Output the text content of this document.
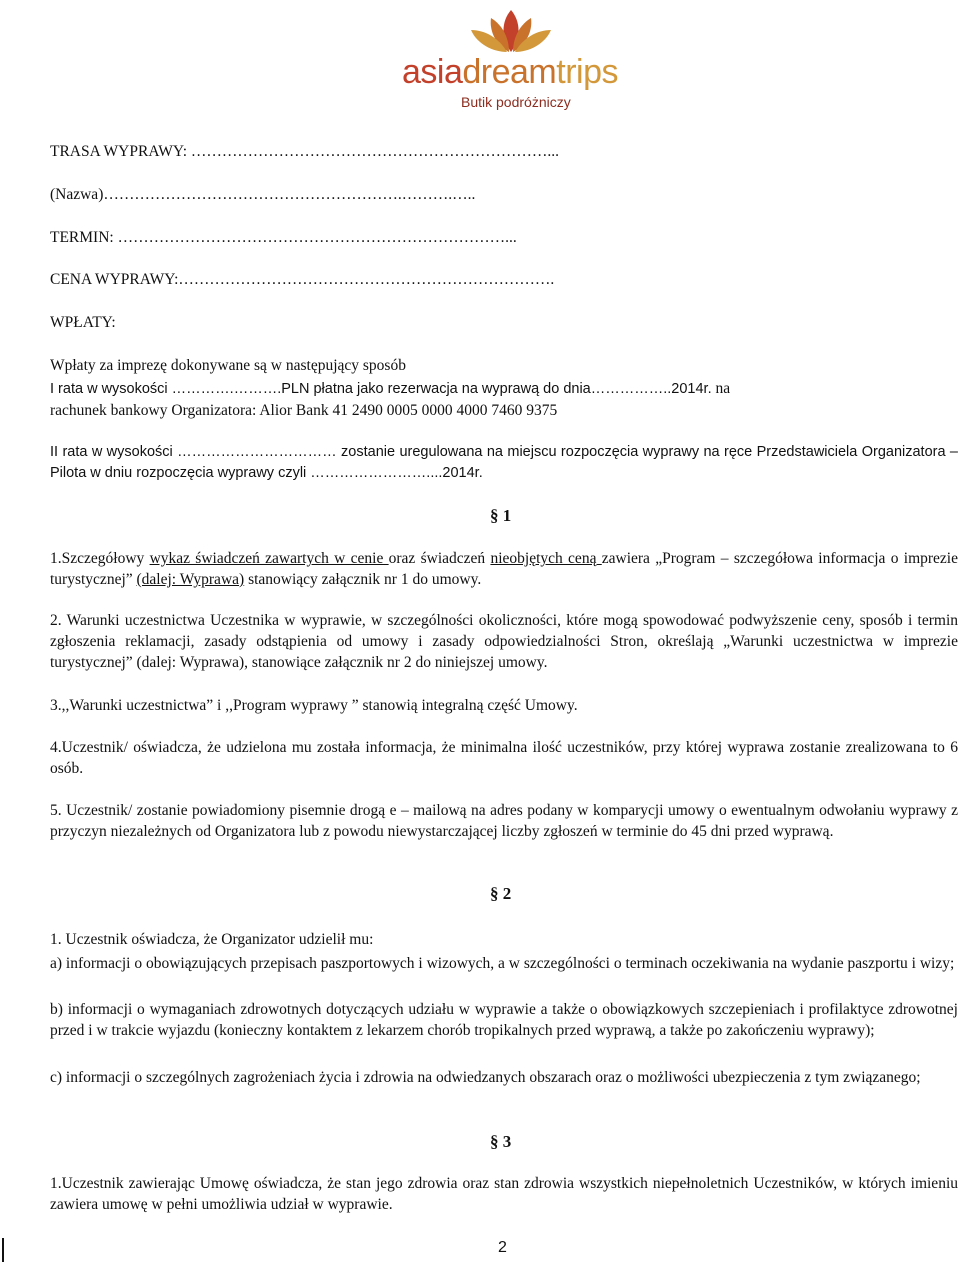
asiadreamtrips
Butik podróżniczy

TRASA WYPRAWY: ……………………………………………………………...

(Nazwa)………………………………………………….……….…..

TERMIN: …………………………………………………………………...

CENA WYPRAWY:……………………………………………………………….

WPŁATY:

Wpłaty za imprezę dokonywane są w następujący sposób

I rata w wysokości ………….……….PLN płatna jako rezerwacja na wyprawą do dnia……………..2014r. na

rachunek bankowy Organizatora: Alior Bank 41 2490 0005 0000 4000 7460 9375

II rata w wysokości …………………………… zostanie uregulowana na miejscu rozpoczęcia wyprawy na ręce Przedstawiciela Organizatora – Pilota w dniu rozpoczęcia wyprawy czyli ……………………....2014r.

§ 1

1.Szczegółowy wykaz świadczeń zawartych w cenie oraz świadczeń nieobjętych ceną zawiera „Program – szczegółowa informacja o imprezie turystycznej” (dalej: Wyprawa) stanowiący załącznik nr 1 do umowy.

2. Warunki uczestnictwa Uczestnika w wyprawie, w szczególności okoliczności, które mogą spowodować podwyższenie ceny, sposób i termin zgłoszenia reklamacji, zasady odstąpienia od umowy i zasady odpowiedzialności Stron, określają „Warunki uczestnictwa w imprezie turystycznej” (dalej: Wyprawa), stanowiące załącznik nr 2 do niniejszej umowy.

3.,,Warunki uczestnictwa” i ,,Program wyprawy ” stanowią integralną część Umowy.

4.Uczestnik/ oświadcza, że udzielona mu została informacja, że minimalna ilość uczestników, przy której wyprawa zostanie zrealizowana to 6 osób.

5. Uczestnik/ zostanie powiadomiony pisemnie drogą e – mailową na adres podany w komparycji umowy o ewentualnym odwołaniu wyprawy z przyczyn niezależnych od Organizatora lub z powodu niewystarczającej liczby zgłoszeń w terminie do 45 dni przed wyprawą.

§ 2

1. Uczestnik oświadcza, że Organizator udzielił mu:

a) informacji o obowiązujących przepisach paszportowych i wizowych, a w szczególności o terminach oczekiwania na wydanie paszportu i wizy;

b) informacji o wymaganiach zdrowotnych dotyczących udziału w wyprawie a także o obowiązkowych szczepieniach i profilaktyce zdrowotnej przed i w trakcie wyjazdu (konieczny kontaktem z lekarzem chorób tropikalnych przed wyprawą, a także po zakończeniu wyprawy);

c) informacji o szczególnych zagrożeniach życia i zdrowia na odwiedzanych obszarach oraz o możliwości ubezpieczenia z tym związanego;

§ 3

1.Uczestnik zawierając Umowę oświadcza, że stan jego zdrowia oraz stan zdrowia wszystkich niepełnoletnich Uczestników, w których imieniu zawiera umowę w pełni umożliwia udział w wyprawie.

2
